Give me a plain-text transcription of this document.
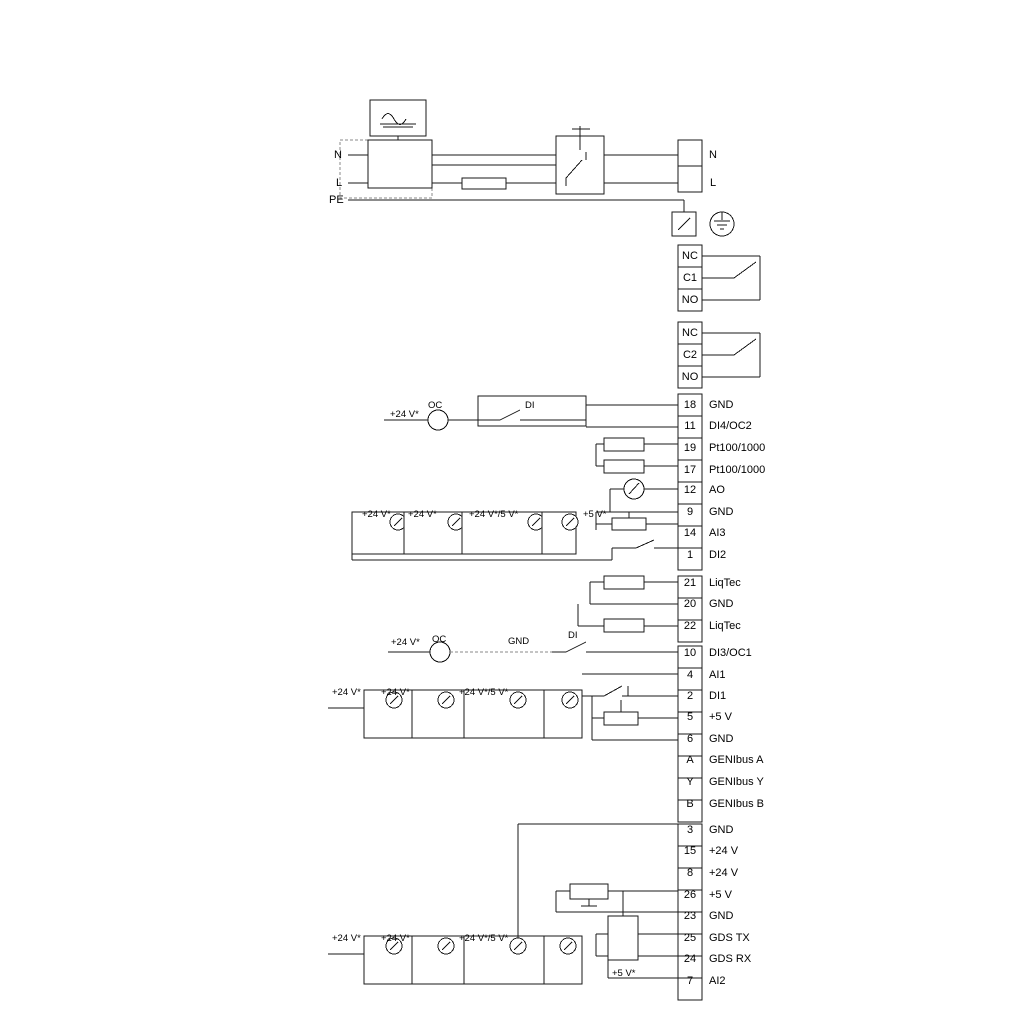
N
L
PE
N
L
NC
C1
NO
NC
C2
NO
18	GND
11	DI4/OC2
19	Pt100/1000
17	Pt100/1000
12	AO
9	GND
14	AI3
1	DI2
21	LiqTec
20	GND
22	LiqTec
10	DI3/OC1
4	AI1
2	DI1
5	+5 V
6	GND
A	GENIbus A
Y	GENIbus Y
B	GENIbus B
3	GND
15	+24 V
8	+24 V
26	+5 V
23	GND
25	GDS TX
24	GDS RX
7	AI2
+24 V*
OC	DI
+24 V* +24 V*	+24 V*/5 V*	+5 V*
+24 V* OC	GND
DI
+24 V* +24 V*	+24 V*/5 V*
+24 V* +24 V*	+24 V*/5 V*
+5 V*
